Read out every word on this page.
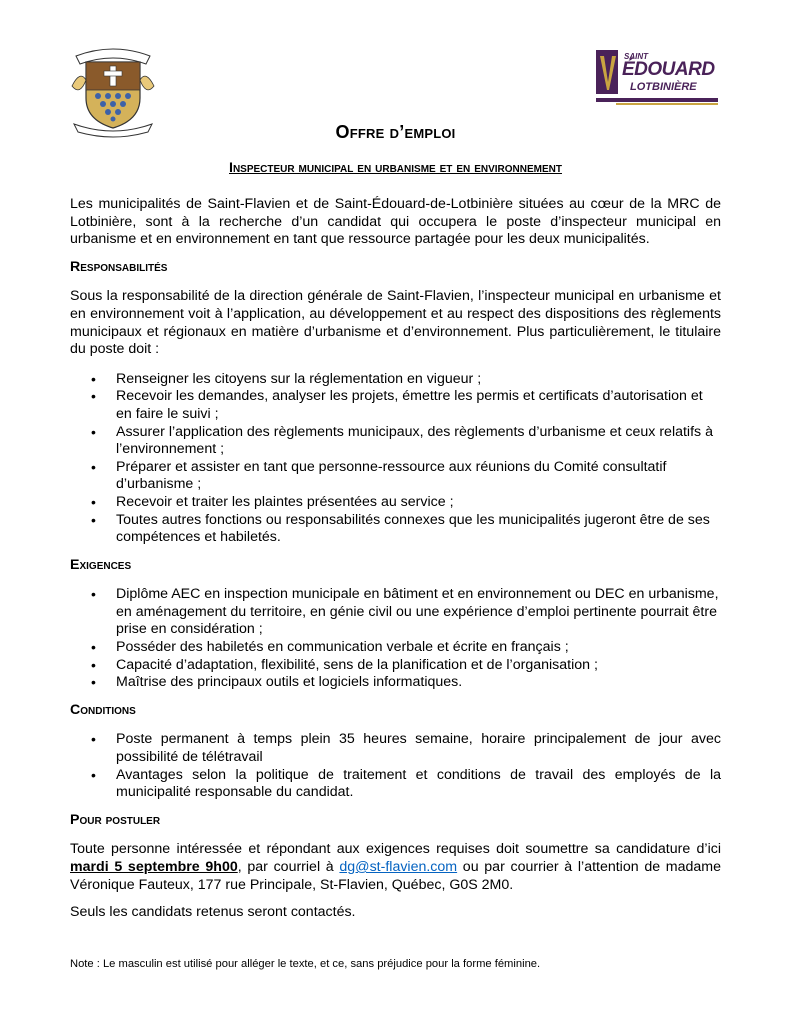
SAINT
ÉDOUARD
LOTBINIÈRE
Offre d’emploi
Inspecteur municipal en urbanisme et en environnement

Les municipalités de Saint-Flavien et de Saint-Édouard-de-Lotbinière situées au cœur de la MRC de Lotbinière, sont à la recherche d’un candidat qui occupera le poste d’inspecteur municipal en urbanisme et en environnement en tant que ressource partagée pour les deux municipalités.

Responsabilités

Sous la responsabilité de la direction générale de Saint-Flavien, l’inspecteur municipal en urbanisme et en environnement voit à l’application, au développement et au respect des dispositions des règlements municipaux et régionaux en matière d’urbanisme et d’environnement. Plus particulièrement, le titulaire du poste doit :

• Renseigner les citoyens sur la réglementation en vigueur ;
• Recevoir les demandes, analyser les projets, émettre les permis et certificats d’autorisation et en faire le suivi ;
• Assurer l’application des règlements municipaux, des règlements d’urbanisme et ceux relatifs à l’environnement ;
• Préparer et assister en tant que personne-ressource aux réunions du Comité consultatif d’urbanisme ;
• Recevoir et traiter les plaintes présentées au service ;
• Toutes autres fonctions ou responsabilités connexes que les municipalités jugeront être de ses compétences et habiletés.
Exigences
• Diplôme AEC en inspection municipale en bâtiment et en environnement ou DEC en urbanisme, en aménagement du territoire, en génie civil ou une expérience d’emploi pertinente pourrait être prise en considération ;
• Posséder des habiletés en communication verbale et écrite en français ;
• Capacité d’adaptation, flexibilité, sens de la planification et de l’organisation ;
• Maîtrise des principaux outils et logiciels informatiques.
Conditions
• Poste permanent à temps plein 35 heures semaine, horaire principalement de jour avec possibilité de télétravail
• Avantages selon la politique de traitement et conditions de travail des employés de la municipalité responsable du candidat.
Pour postuler

Toute personne intéressée et répondant aux exigences requises doit soumettre sa candidature d’ici mardi 5 septembre 9h00, par courriel à dg@st-flavien.com ou par courrier à l’attention de madame Véronique Fauteux, 177 rue Principale, St-Flavien, Québec, G0S 2M0.

Seuls les candidats retenus seront contactés.

Note : Le masculin est utilisé pour alléger le texte, et ce, sans préjudice pour la forme féminine.
